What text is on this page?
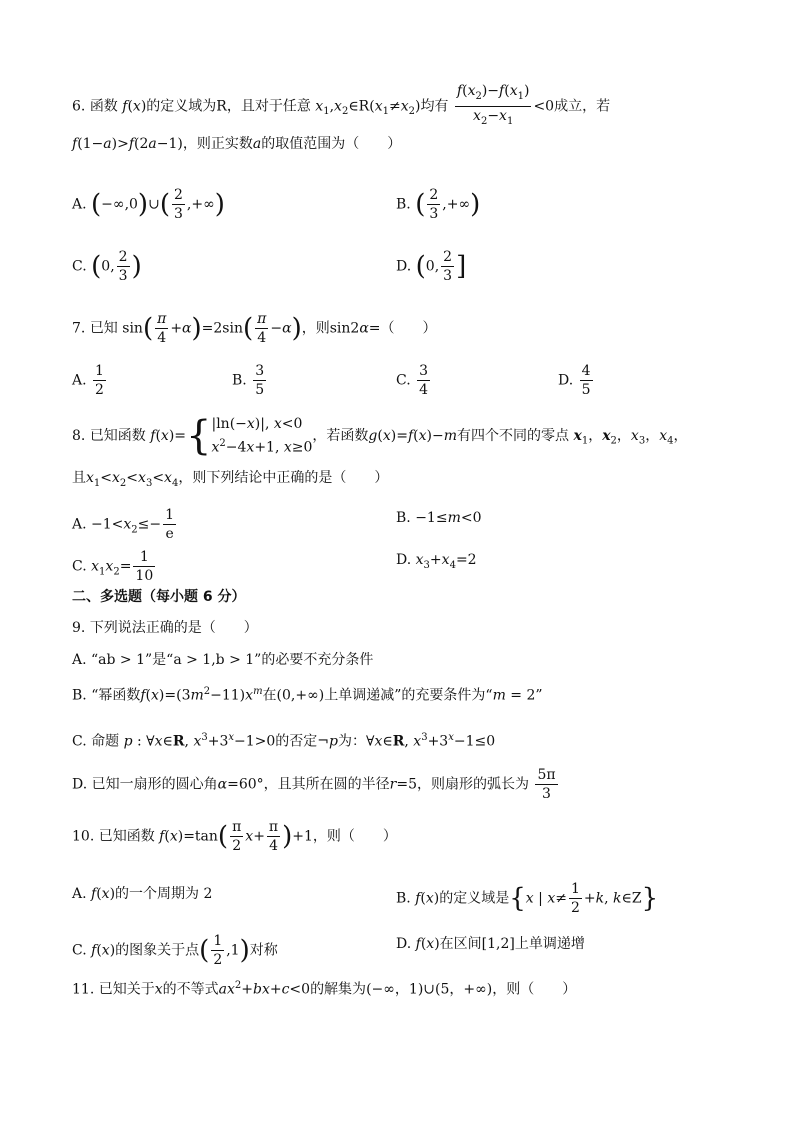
6. 函数 f(x)的定义域为R，且对于任意 $x_1,x_2\in R(x_1\ne x_2)$均有 $\frac{f(x_2)-f(x_1)}{x_2-x_1} <0$成立，若
f(1−a)>f(2a−1)，则正实数a的取值范围为（　　）
A. (−∞,0)∪( $\frac{2}{3}$ ,+∞)	B. ( $\frac{2}{3}$ ,+∞)
C. (0, $\frac{2}{3}$ )	D. (0, $\frac{2}{3}$ ]
7. 已知 $\sin( \frac{\pi}{4} +\alpha)=2\sin( \frac{\pi}{4} -\alpha)$，则sin2α=（　　）
A. $\frac{1}{2}$	B. $\frac{3}{5}$	C. $\frac{3}{4}$	D. $\frac{4}{5}$
8. 已知函数 f(x)={ |ln(−x)|, x<0
$x^2-4x+1$, x≥0
，若函数g(x)=f(x)−m有四个不同的零点 $x_1$，$x_2$，$x_3$，$x_4$，
且$x_1<x_2<x_3<x_4$，则下列结论中正确的是（　　）
A. $-1<x_2\le- \frac{1}{e}$	B. −1≤m<0
C. $x_1x_2= \frac{1}{10}$	D. $x_3+x_4=2$
二、多选题（每小题 6 分）
9. 下列说法正确的是（　　）
A. “ab > 1”是“a > 1,b > 1”的必要不充分条件
B. “幂函数$f(x)=(3m^2-11)x^m$在(0,+∞)上单调递减”的充要条件为“m = 2”
C. 命题 p : ∀x∈R, $x^3+3^x-1>0$的否定¬p为：∀x∈R, $x^3+3^x-1\le 0$
D. 已知一扇形的圆心角α=60°，且其所在圆的半径r=5，则扇形的弧长为 $\frac{5\pi}{3}$
10. 已知函数 $f(x)=\tan( \frac{\pi}{2} x+ \frac{\pi}{4} )+1$，则（　　）
A. f(x)的一个周期为 2	B. f(x)的定义域是{x | $x\ne \frac{1}{2} +k$, k∈Z}
C. f(x)的图象关于点( $\frac{1}{2} ,1$)对称	D. f(x)在区间[1,2]上单调递增
11. 已知关于x的不等式$ax^2+bx+c<0$的解集为(−∞，1)∪(5，+∞)，则（　　）
